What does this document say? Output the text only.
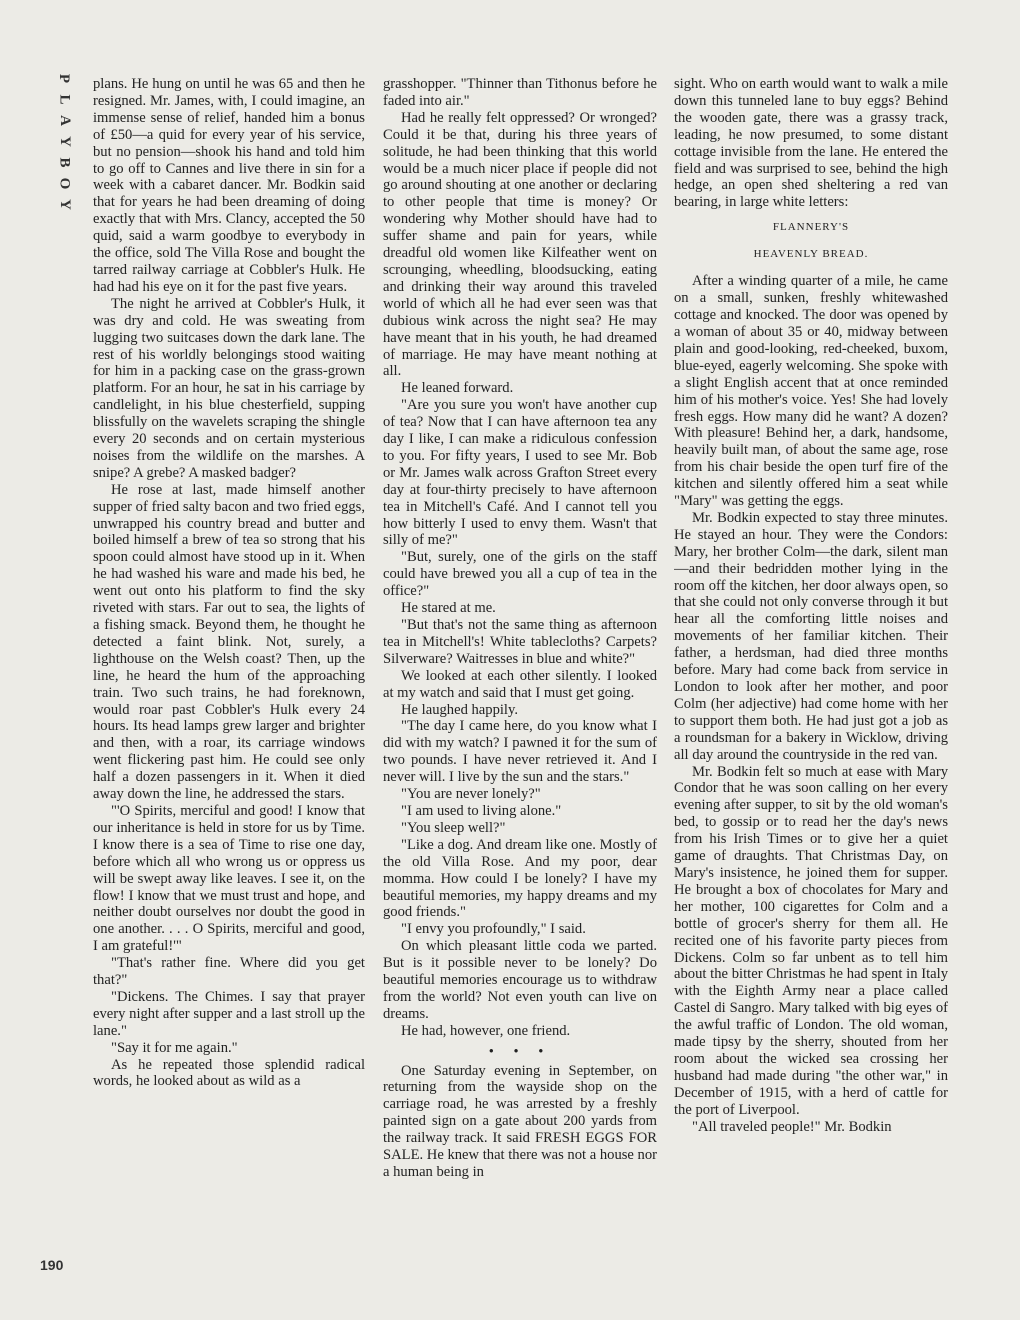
P
L
A
Y
B
O
Y
190

plans. He hung on until he was 65 and then he resigned. Mr. James, with, I could imagine, an immense sense of relief, handed him a bonus of £50—a quid for every year of his service, but no pension—shook his hand and told him to go off to Cannes and live there in sin for a week with a cabaret dancer. Mr. Bodkin said that for years he had been dreaming of doing exactly that with Mrs. Clancy, accepted the 50 quid, said a warm goodbye to everybody in the office, sold The Villa Rose and bought the tarred railway carriage at Cobbler's Hulk. He had had his eye on it for the past five years.

The night he arrived at Cobbler's Hulk, it was dry and cold. He was sweating from lugging two suitcases down the dark lane. The rest of his worldly belongings stood waiting for him in a packing case on the grass-grown platform. For an hour, he sat in his carriage by candlelight, in his blue chesterfield, supping blissfully on the wavelets scraping the shingle every 20 seconds and on certain mysterious noises from the wildlife on the marshes. A snipe? A grebe? A masked badger?

He rose at last, made himself another supper of fried salty bacon and two fried eggs, unwrapped his country bread and butter and boiled himself a brew of tea so strong that his spoon could almost have stood up in it. When he had washed his ware and made his bed, he went out onto his platform to find the sky riveted with stars. Far out to sea, the lights of a fishing smack. Beyond them, he thought he detected a faint blink. Not, surely, a lighthouse on the Welsh coast? Then, up the line, he heard the hum of the approaching train. Two such trains, he had foreknown, would roar past Cobbler's Hulk every 24 hours. Its head lamps grew larger and brighter and then, with a roar, its carriage windows went flickering past him. He could see only half a dozen passengers in it. When it died away down the line, he addressed the stars.

"'O Spirits, merciful and good! I know that our inheritance is held in store for us by Time. I know there is a sea of Time to rise one day, before which all who wrong us or oppress us will be swept away like leaves. I see it, on the flow! I know that we must trust and hope, and neither doubt ourselves nor doubt the good in one another. . . . O Spirits, merciful and good, I am grateful!'"

"That's rather fine. Where did you get that?"

"Dickens. The Chimes. I say that prayer every night after supper and a last stroll up the lane."

"Say it for me again."

As he repeated those splendid radical words, he looked about as wild as a

grasshopper. "Thinner than Tithonus before he faded into air."

Had he really felt oppressed? Or wronged? Could it be that, during his three years of solitude, he had been thinking that this world would be a much nicer place if people did not go around shouting at one another or declaring to other people that time is money? Or wondering why Mother should have had to suffer shame and pain for years, while dreadful old women like Kilfeather went on scrounging, wheedling, bloodsucking, eating and drinking their way around this traveled world of which all he had ever seen was that dubious wink across the night sea? He may have meant that in his youth, he had dreamed of marriage. He may have meant nothing at all.

He leaned forward.

"Are you sure you won't have another cup of tea? Now that I can have afternoon tea any day I like, I can make a ridiculous confession to you. For fifty years, I used to see Mr. Bob or Mr. James walk across Grafton Street every day at four-thirty precisely to have afternoon tea in Mitchell's Café. And I cannot tell you how bitterly I used to envy them. Wasn't that silly of me?"

"But, surely, one of the girls on the staff could have brewed you all a cup of tea in the office?"

He stared at me.

"But that's not the same thing as afternoon tea in Mitchell's! White tablecloths? Carpets? Silverware? Waitresses in blue and white?"

We looked at each other silently. I looked at my watch and said that I must get going.

He laughed happily.

"The day I came here, do you know what I did with my watch? I pawned it for the sum of two pounds. I have never retrieved it. And I never will. I live by the sun and the stars."

"You are never lonely?"

"I am used to living alone."

"You sleep well?"

"Like a dog. And dream like one. Mostly of the old Villa Rose. And my poor, dear momma. How could I be lonely? I have my beautiful memories, my happy dreams and my good friends."

"I envy you profoundly," I said.

On which pleasant little coda we parted. But is it possible never to be lonely? Do beautiful memories encourage us to withdraw from the world? Not even youth can live on dreams.

He had, however, one friend.

• • •

One Saturday evening in September, on returning from the wayside shop on the carriage road, he was arrested by a freshly painted sign on a gate about 200 yards from the railway track. It said FRESH EGGS FOR SALE. He knew that there was not a house nor a human being in

sight. Who on earth would want to walk a mile down this tunneled lane to buy eggs? Behind the wooden gate, there was a grassy track, leading, he now presumed, to some distant cottage invisible from the lane. He entered the field and was surprised to see, behind the high hedge, an open shed sheltering a red van bearing, in large white letters:

FLANNERY'S

HEAVENLY BREAD.

After a winding quarter of a mile, he came on a small, sunken, freshly whitewashed cottage and knocked. The door was opened by a woman of about 35 or 40, midway between plain and good-looking, red-cheeked, buxom, blue-eyed, eagerly welcoming. She spoke with a slight English accent that at once reminded him of his mother's voice. Yes! She had lovely fresh eggs. How many did he want? A dozen? With pleasure! Behind her, a dark, handsome, heavily built man, of about the same age, rose from his chair beside the open turf fire of the kitchen and silently offered him a seat while "Mary" was getting the eggs.

Mr. Bodkin expected to stay three minutes. He stayed an hour. They were the Condors: Mary, her brother Colm—the dark, silent man—and their bedridden mother lying in the room off the kitchen, her door always open, so that she could not only converse through it but hear all the comforting little noises and movements of her familiar kitchen. Their father, a herdsman, had died three months before. Mary had come back from service in London to look after her mother, and poor Colm (her adjective) had come home with her to support them both. He had just got a job as a roundsman for a bakery in Wicklow, driving all day around the countryside in the red van.

Mr. Bodkin felt so much at ease with Mary Condor that he was soon calling on her every evening after supper, to sit by the old woman's bed, to gossip or to read her the day's news from his Irish Times or to give her a quiet game of draughts. That Christmas Day, on Mary's insistence, he joined them for supper. He brought a box of chocolates for Mary and her mother, 100 cigarettes for Colm and a bottle of grocer's sherry for them all. He recited one of his favorite party pieces from Dickens. Colm so far unbent as to tell him about the bitter Christmas he had spent in Italy with the Eighth Army near a place called Castel di Sangro. Mary talked with big eyes of the awful traffic of London. The old woman, made tipsy by the sherry, shouted from her room about the wicked sea crossing her husband had made during "the other war," in December of 1915, with a herd of cattle for the port of Liverpool.

"All traveled people!" Mr. Bodkin
